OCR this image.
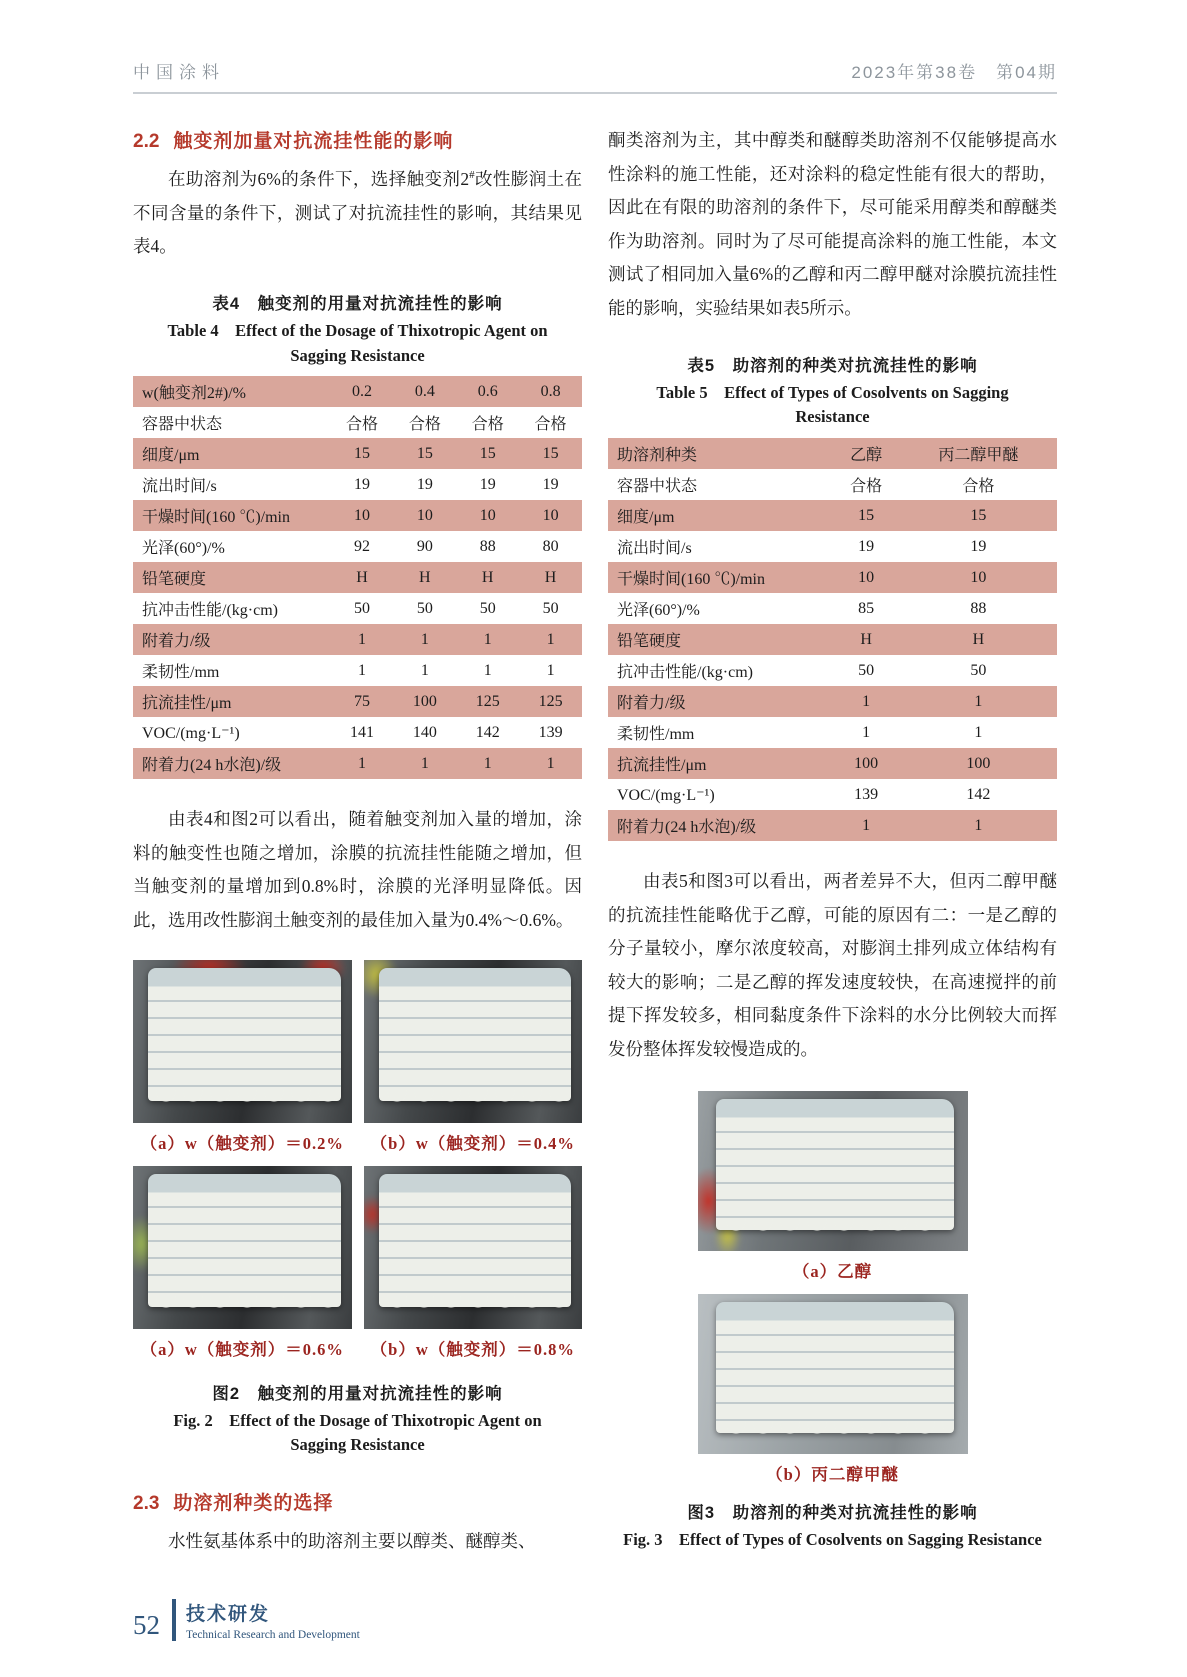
中国涂料	2023年第38卷　第04期
2.2 触变剂加量对抗流挂性能的影响

在助溶剂为6%的条件下，选择触变剂2#改性膨润土在不同含量的条件下，测试了对抗流挂性的影响，其结果见表4。

表4　触变剂的用量对抗流挂性的影响
Table 4　Effect of the Dosage of Thixotropic Agent on
Sagging Resistance
w(触变剂2#)/%	0.2	0.4	0.6	0.8
容器中状态	合格	合格	合格	合格
细度/μm	15	15	15	15
流出时间/s	19	19	19	19
干燥时间(160 ℃)/min	10	10	10	10
光泽(60°)/%	92	90	88	80
铅笔硬度	H	H	H	H
抗冲击性能/(kg·cm)	50	50	50	50
附着力/级	1	1	1	1
柔韧性/mm	1	1	1	1
抗流挂性/μm	75	100	125	125
VOC/(mg·L⁻¹)	141	140	142	139
附着力(24 h水泡)/级	1	1	1	1

由表4和图2可以看出，随着触变剂加入量的增加，涂料的触变性也随之增加，涂膜的抗流挂性能随之增加，但当触变剂的量增加到0.8%时，涂膜的光泽明显降低。因此，选用改性膨润土触变剂的最佳加入量为0.4%～0.6%。

（a）w（触变剂）＝0.2% （b）w（触变剂）＝0.4%
（a）w（触变剂）＝0.6% （b）w（触变剂）＝0.8%
图2　触变剂的用量对抗流挂性的影响
Fig. 2　Effect of the Dosage of Thixotropic Agent on
Sagging Resistance
2.3 助溶剂种类的选择

水性氨基体系中的助溶剂主要以醇类、醚醇类、

酮类溶剂为主，其中醇类和醚醇类助溶剂不仅能够提高水性涂料的施工性能，还对涂料的稳定性能有很大的帮助，因此在有限的助溶剂的条件下，尽可能采用醇类和醇醚类作为助溶剂。同时为了尽可能提高涂料的施工性能，本文测试了相同加入量6%的乙醇和丙二醇甲醚对涂膜抗流挂性能的影响，实验结果如表5所示。

表5　助溶剂的种类对抗流挂性的影响
Table 5　Effect of Types of Cosolvents on Sagging
Resistance
助溶剂种类	乙醇	丙二醇甲醚
容器中状态	合格	合格
细度/μm	15	15
流出时间/s	19	19
干燥时间(160 ℃)/min	10	10
光泽(60°)/%	85	88
铅笔硬度	H	H
抗冲击性能/(kg·cm)	50	50
附着力/级	1	1
柔韧性/mm	1	1
抗流挂性/μm	100	100
VOC/(mg·L⁻¹)	139	142
附着力(24 h水泡)/级	1	1

由表5和图3可以看出，两者差异不大，但丙二醇甲醚的抗流挂性能略优于乙醇，可能的原因有二：一是乙醇的分子量较小，摩尔浓度较高，对膨润土排列成立体结构有较大的影响；二是乙醇的挥发速度较快，在高速搅拌的前提下挥发较多，相同黏度条件下涂料的水分比例较大而挥发份整体挥发较慢造成的。

（a）乙醇
（b）丙二醇甲醚
图3　助溶剂的种类对抗流挂性的影响
Fig. 3　Effect of Types of Cosolvents on Sagging Resistance
52 技术研发
Technical Research and Development
